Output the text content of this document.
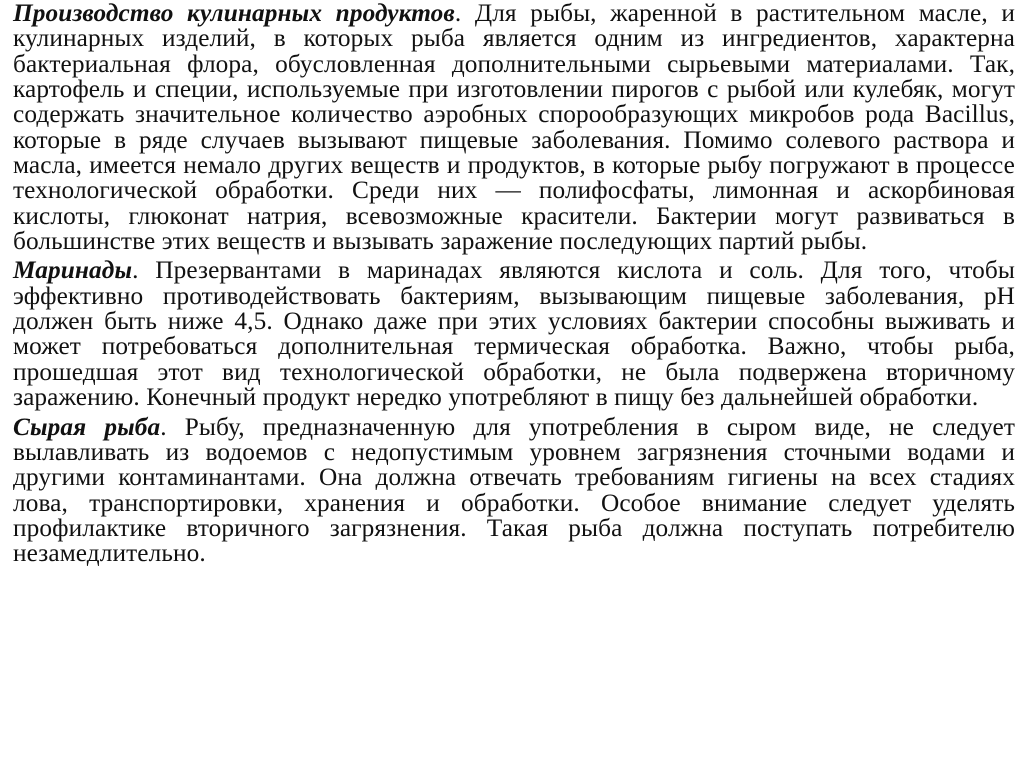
Производство кулинарных продуктов. Для рыбы, жаренной в растительном масле, и кулинарных изделий, в которых рыба является одним из ингредиентов, характерна бактериальная флора, обусловленная дополнительными сырьевыми материалами. Так, картофель и специи, используемые при изготовлении пирогов с рыбой или кулебяк, могут содержать значительное количество аэробных спорообразующих микробов рода Bacillus, которые в ряде случаев вызывают пищевые заболевания. Помимо солевого раствора и масла, имеется немало других веществ и продуктов, в которые рыбу погружают в процессе технологической обработки. Среди них — полифосфаты, лимонная и аскорбиновая кислоты, глюконат натрия, всевозможные красители. Бактерии могут развиваться в большинстве этих веществ и вызывать заражение последующих партий рыбы.

Маринады. Презервантами в маринадах являются кислота и соль. Для того, чтобы эффективно противодействовать бактериям, вызывающим пищевые заболевания, pH должен быть ниже 4,5. Однако даже при этих условиях бактерии способны выживать и может потребоваться дополнительная термическая обработка. Важно, чтобы рыба, прошедшая этот вид технологической обработки, не была подвержена вторичному заражению. Конечный продукт нередко употребляют в пищу без дальнейшей обработки.

Сырая рыба. Рыбу, предназначенную для употребления в сыром виде, не следует вылавливать из водоемов с недопустимым уровнем загрязнения сточными водами и другими контаминантами. Она должна отвечать требованиям гигиены на всех стадиях лова, транспортировки, хранения и обработки. Особое внимание следует уделять профилактике вторичного загрязнения. Такая рыба должна поступать потребителю незамедлительно.
